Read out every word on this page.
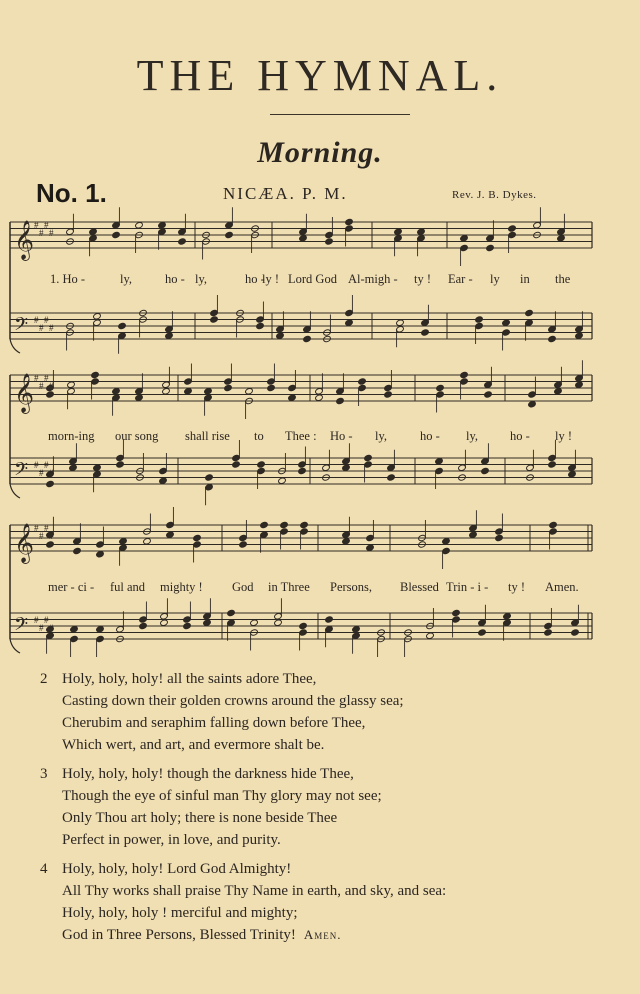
THE HYMNAL.
Morning.
No. 1.	NICÆA. P. M.	Rev. J. B. Dykes.
𝄞 #
#
#
#
𝄢 #
#
#
#
𝄞 #
#
#
𝄢 #
#
#
𝄞 #
#
#
𝄢 #
#
#
1. Ho -	ly,	ho - ly,	ho -
ly ! Lord God Al-migh - ty ! Ear - ly in the
morn-ing our song shall rise to Thee : Ho - ly,	ho - ly,	ho - ly !
mer - ci - ful and mighty ! God in Three Persons, Blessed Trin - i - ty ! Amen.
2 Holy, holy, holy! all the saints adore Thee,
Casting down their golden crowns around the glassy sea;
Cherubim and seraphim falling down before Thee,
Which wert, and art, and evermore shalt be.
3 Holy, holy, holy! though the darkness hide Thee,
Though the eye of sinful man Thy glory may not see;
Only Thou art holy; there is none beside Thee
Perfect in power, in love, and purity.
4 Holy, holy, holy! Lord God Almighty!
All Thy works shall praise Thy Name in earth, and sky, and sea:
Holy, holy, holy ! merciful and mighty;
God in Three Persons, Blessed Trinity! Amen.
